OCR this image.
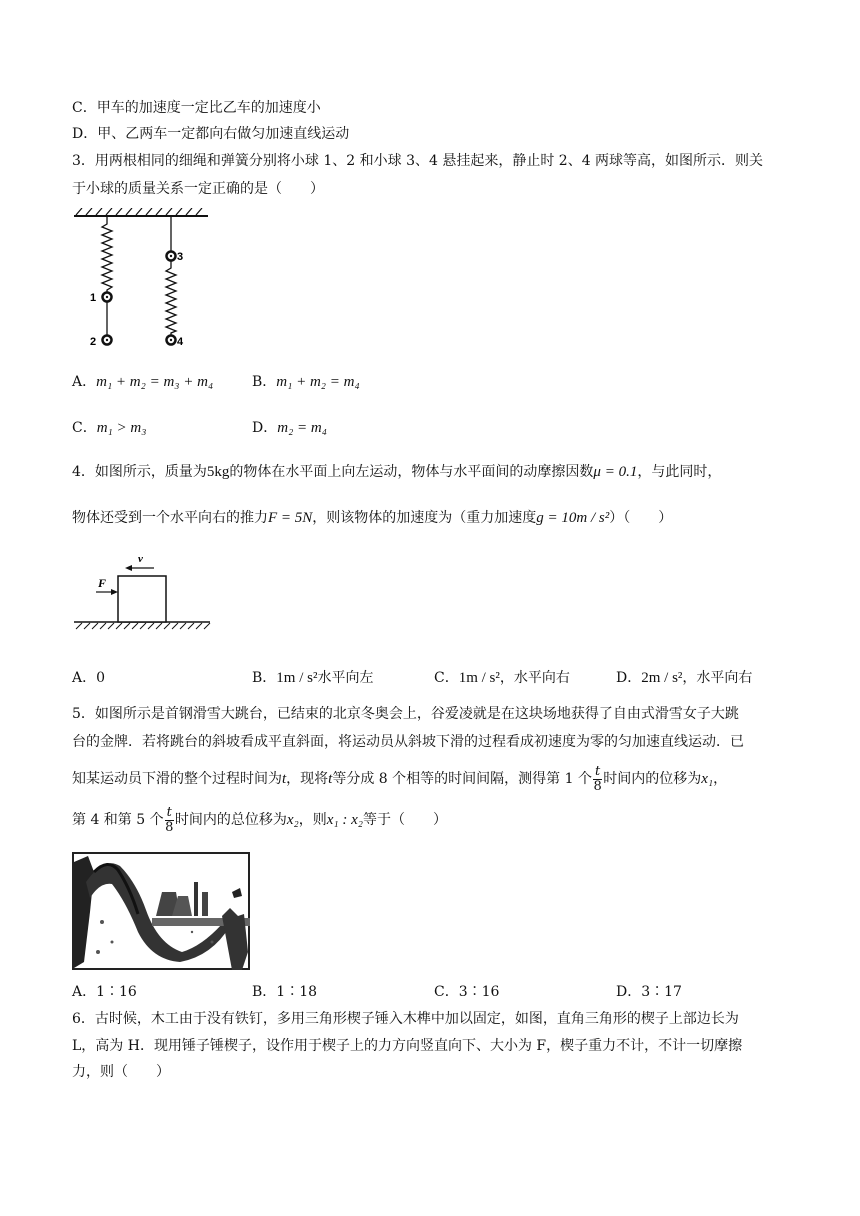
C．甲车的加速度一定比乙车的加速度小
D．甲、乙两车一定都向右做匀加速直线运动
3．用两根相同的细绳和弹簧分别将小球 1、2 和小球 3、4 悬挂起来，静止时 2、4 两球等高，如图所示．则关
于小球的质量关系一定正确的是（　　）
1
2
3
4
A．m₁ + m₂ = m₃ + m₄	B．m₁ + m₂ = m₄
C．m₁ > m₃	D．m₂ = m₄
4．如图所示，质量为5kg的物体在水平面上向左运动，物体与水平面间的动摩擦因数μ = 0.1，与此同时，
物体还受到一个水平向右的推力F = 5N，则该物体的加速度为（重力加速度g = 10m / s²）（　　）
v
F
A．0	B．1m / s²水平向左	C．1m / s²，水平向右	D．2m / s²，水平向右
5．如图所示是首钢滑雪大跳台，已结束的北京冬奥会上，谷爱凌就是在这块场地获得了自由式滑雪女子大跳
台的金牌．若将跳台的斜坡看成平直斜面，将运动员从斜坡下滑的过程看成初速度为零的匀加速直线运动．已
知某运动员下滑的整个过程时间为t，现将t等分成 8 个相等的时间间隔，测得第 1 个 $\frac{t}{8}$ 时间内的位移为x₁，
第 4 和第 5 个 $\frac{t}{8}$ 时间内的总位移为x₂，则x₁ : x₂等于（　　）
A．1∶16	B．1∶18	C．3∶16	D．3∶17
6．古时候，木工由于没有铁钉，多用三角形楔子锤入木榫中加以固定，如图，直角三角形的楔子上部边长为
L，高为 H．现用锤子锤楔子，设作用于楔子上的力方向竖直向下、大小为 F，楔子重力不计，不计一切摩擦
力，则（　　）
